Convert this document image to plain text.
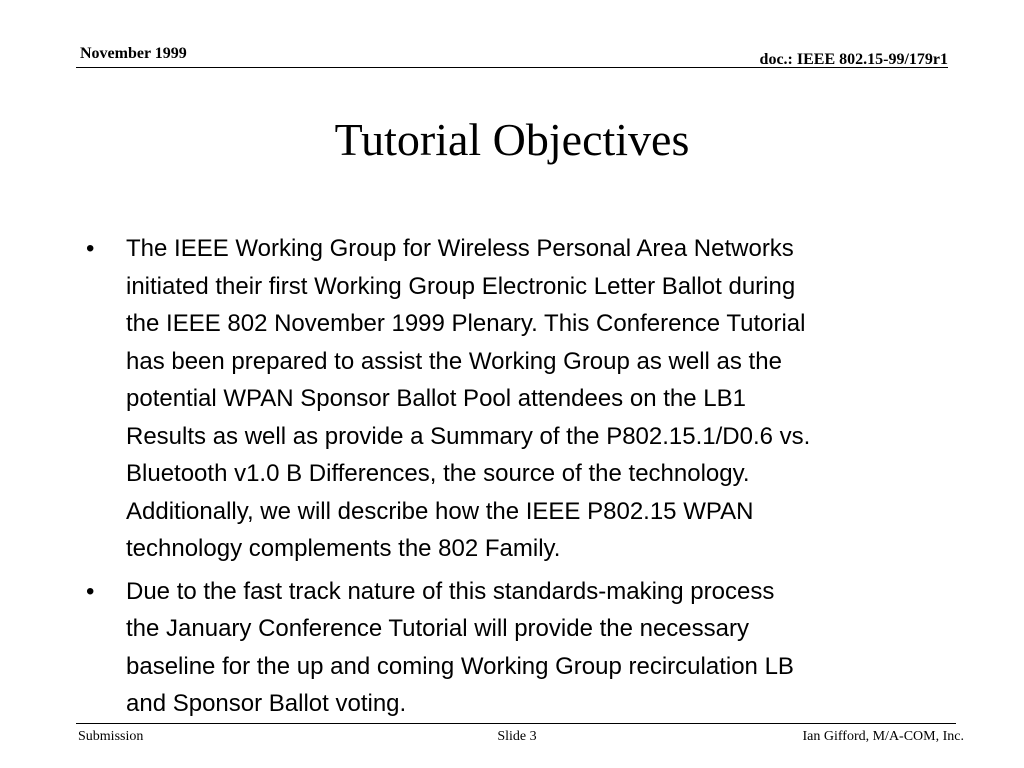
November 1999	doc.: IEEE 802.15-99/179r1
Tutorial Objectives
•	The IEEE Working Group for Wireless Personal Area Networks
initiated their first Working Group Electronic Letter Ballot during
the IEEE 802 November 1999 Plenary. This Conference Tutorial
has been prepared to assist the Working Group as well as the
potential WPAN Sponsor Ballot Pool attendees on the LB1
Results as well as provide a Summary of the P802.15.1/D0.6 vs.
Bluetooth v1.0 B Differences, the source of the technology.
Additionally, we will describe how the IEEE P802.15 WPAN
technology complements the 802 Family.
•	Due to the fast track nature of this standards-making process
the January Conference Tutorial will provide the necessary
baseline for the up and coming Working Group recirculation LB
and Sponsor Ballot voting.
Submission	Slide 3	Ian Gifford, M/A-COM, Inc.
